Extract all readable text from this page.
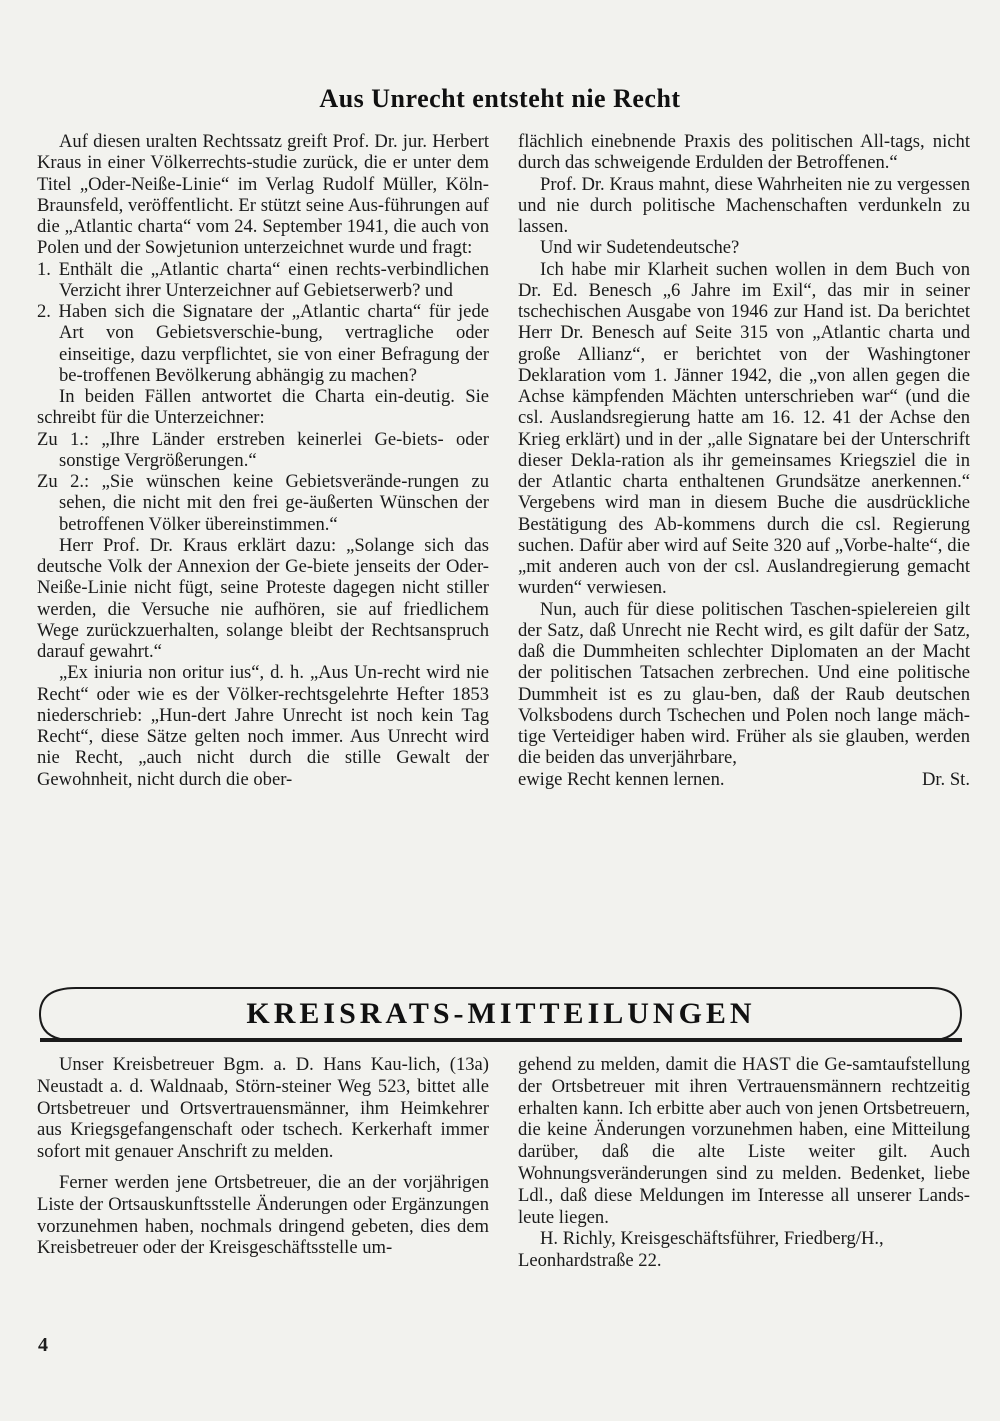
Aus Unrecht entsteht nie Recht

Auf diesen uralten Rechtssatz greift Prof. Dr. jur. Herbert Kraus in einer Völkerrechts-studie zurück, die er unter dem Titel „Oder-Neiße-Linie“ im Verlag Rudolf Müller, Köln-Braunsfeld, veröffentlicht. Er stützt seine Aus-führungen auf die „Atlantic charta“ vom 24. September 1941, die auch von Polen und der Sowjetunion unterzeichnet wurde und fragt:

1. Enthält die „Atlantic charta“ einen rechts-verbindlichen Verzicht ihrer Unterzeichner auf Gebietserwerb? und

2. Haben sich die Signatare der „Atlantic charta“ für jede Art von Gebietsverschie-bung, vertragliche oder einseitige, dazu verpflichtet, sie von einer Befragung der be-troffenen Bevölkerung abhängig zu machen?

In beiden Fällen antwortet die Charta ein-deutig. Sie schreibt für die Unterzeichner:

Zu 1.: „Ihre Länder erstreben keinerlei Ge-biets- oder sonstige Vergrößerungen.“

Zu 2.: „Sie wünschen keine Gebietsverände-rungen zu sehen, die nicht mit den frei ge-äußerten Wünschen der betroffenen Völker übereinstimmen.“

Herr Prof. Dr. Kraus erklärt dazu: „Solange sich das deutsche Volk der Annexion der Ge-biete jenseits der Oder-Neiße-Linie nicht fügt, seine Proteste dagegen nicht stiller werden, die Versuche nie aufhören, sie auf friedlichem Wege zurückzuerhalten, solange bleibt der Rechtsanspruch darauf gewahrt.“

„Ex iniuria non oritur ius“, d. h. „Aus Un-recht wird nie Recht“ oder wie es der Völker-rechtsgelehrte Hefter 1853 niederschrieb: „Hun-dert Jahre Unrecht ist noch kein Tag Recht“, diese Sätze gelten noch immer. Aus Unrecht wird nie Recht, „auch nicht durch die stille Gewalt der Gewohnheit, nicht durch die ober-

flächlich einebnende Praxis des politischen All-tags, nicht durch das schweigende Erdulden der Betroffenen.“

Prof. Dr. Kraus mahnt, diese Wahrheiten nie zu vergessen und nie durch politische Machenschaften verdunkeln zu lassen.

Und wir Sudetendeutsche?

Ich habe mir Klarheit suchen wollen in dem Buch von Dr. Ed. Benesch „6 Jahre im Exil“, das mir in seiner tschechischen Ausgabe von 1946 zur Hand ist. Da berichtet Herr Dr. Benesch auf Seite 315 von „Atlantic charta und große Allianz“, er berichtet von der Washingtoner Deklaration vom 1. Jänner 1942, die „von allen gegen die Achse kämpfenden Mächten unterschrieben war“ (und die csl. Auslandsregierung hatte am 16. 12. 41 der Achse den Krieg erklärt) und in der „alle Signatare bei der Unterschrift dieser Dekla-ration als ihr gemeinsames Kriegsziel die in der Atlantic charta enthaltenen Grundsätze anerkennen.“ Vergebens wird man in diesem Buche die ausdrückliche Bestätigung des Ab-kommens durch die csl. Regierung suchen. Dafür aber wird auf Seite 320 auf „Vorbe-halte“, die „mit anderen auch von der csl. Auslandregierung gemacht wurden“ verwiesen.

Nun, auch für diese politischen Taschen-spielereien gilt der Satz, daß Unrecht nie Recht wird, es gilt dafür der Satz, daß die Dummheiten schlechter Diplomaten an der Macht der politischen Tatsachen zerbrechen. Und eine politische Dummheit ist es zu glau-ben, daß der Raub deutschen Volksbodens durch Tschechen und Polen noch lange mäch-tige Verteidiger haben wird. Früher als sie glauben, werden die beiden das unverjährbare,

ewige Recht kennen lernen.	Dr. St.

KREISRATS-MITTEILUNGEN

Unser Kreisbetreuer Bgm. a. D. Hans Kau-lich, (13a) Neustadt a. d. Waldnaab, Störn-steiner Weg 523, bittet alle Ortsbetreuer und Ortsvertrauensmänner, ihm Heimkehrer aus Kriegsgefangenschaft oder tschech. Kerkerhaft immer sofort mit genauer Anschrift zu melden.

Ferner werden jene Ortsbetreuer, die an der vorjährigen Liste der Ortsauskunftsstelle Änderungen oder Ergänzungen vorzunehmen haben, nochmals dringend gebeten, dies dem Kreisbetreuer oder der Kreisgeschäftsstelle um-

gehend zu melden, damit die HAST die Ge-samtaufstellung der Ortsbetreuer mit ihren Vertrauensmännern rechtzeitig erhalten kann. Ich erbitte aber auch von jenen Ortsbetreuern, die keine Änderungen vorzunehmen haben, eine Mitteilung darüber, daß die alte Liste weiter gilt. Auch Wohnungsveränderungen sind zu melden. Bedenket, liebe Ldl., daß diese Meldungen im Interesse all unserer Lands-leute liegen.

H. Richly, Kreisgeschäftsführer, Friedberg/H., Leonhardstraße 22.

4
